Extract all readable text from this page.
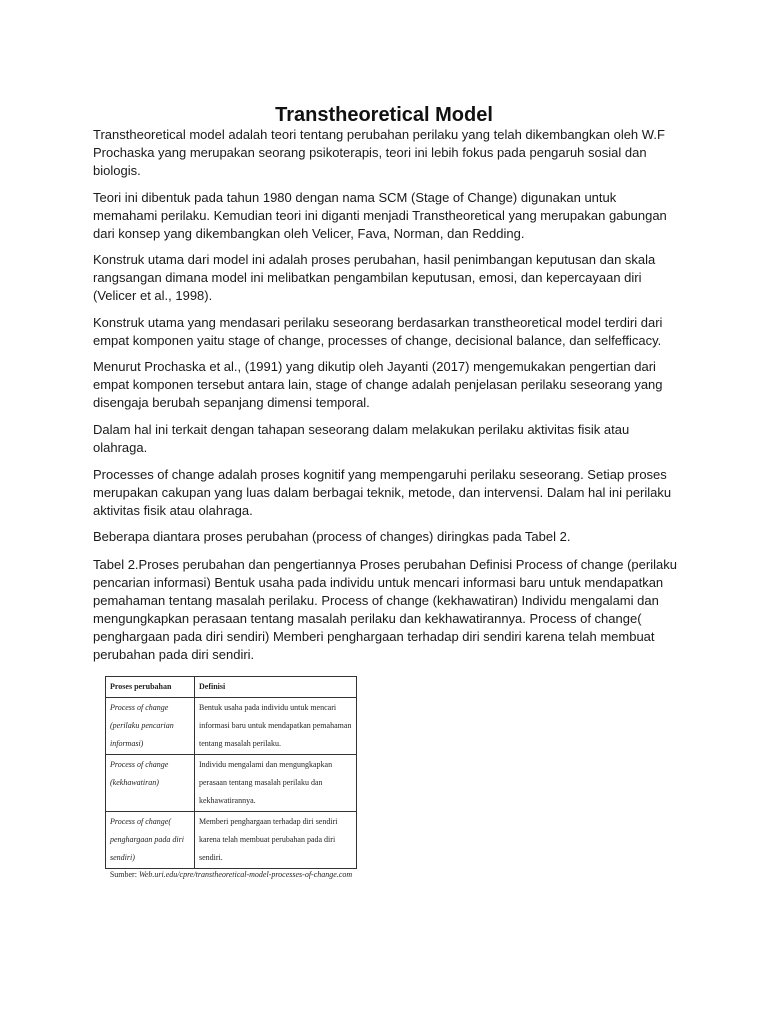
Transtheoretical Model

Transtheoretical model adalah teori tentang perubahan perilaku yang telah dikembangkan oleh W.F Prochaska yang merupakan seorang psikoterapis, teori ini lebih fokus pada pengaruh sosial dan biologis.

Teori ini dibentuk pada tahun 1980 dengan nama SCM (Stage of Change) digunakan untuk memahami perilaku. Kemudian teori ini diganti menjadi Transtheoretical yang merupakan gabungan dari konsep yang dikembangkan oleh Velicer, Fava, Norman, dan Redding.

Konstruk utama dari model ini adalah proses perubahan, hasil penimbangan keputusan dan skala rangsangan dimana model ini melibatkan pengambilan keputusan, emosi, dan kepercayaan diri (Velicer et al., 1998).

Konstruk utama yang mendasari perilaku seseorang berdasarkan transtheoretical model terdiri dari empat komponen yaitu stage of change, processes of change, decisional balance, dan selfefficacy.

Menurut Prochaska et al., (1991) yang dikutip oleh Jayanti (2017) mengemukakan pengertian dari empat komponen tersebut antara lain, stage of change adalah penjelasan perilaku seseorang yang disengaja berubah sepanjang dimensi temporal.

Dalam hal ini terkait dengan tahapan seseorang dalam melakukan perilaku aktivitas fisik atau olahraga.

Processes of change adalah proses kognitif yang mempengaruhi perilaku seseorang. Setiap proses merupakan cakupan yang luas dalam berbagai teknik, metode, dan intervensi. Dalam hal ini perilaku aktivitas fisik atau olahraga.

Beberapa diantara proses perubahan (process of changes) diringkas pada Tabel 2.

Tabel 2.Proses perubahan dan pengertiannya Proses perubahan Definisi Process of change (perilaku pencarian informasi) Bentuk usaha pada individu untuk mencari informasi baru untuk mendapatkan pemahaman tentang masalah perilaku. Process of change (kekhawatiran) Individu mengalami dan mengungkapkan perasaan tentang masalah perilaku dan kekhawatirannya. Process of change( penghargaan pada diri sendiri) Memberi penghargaan terhadap diri sendiri karena telah membuat perubahan pada diri sendiri.

Proses perubahan	Definisi
Process of change (perilaku pencarian informasi)	Bentuk usaha pada individu untuk mencari informasi baru untuk mendapatkan pemahaman tentang masalah perilaku.
Process of change (kekhawatiran)	Individu mengalami dan mengungkapkan perasaan tentang masalah perilaku dan kekhawatirannya.
Process of change( penghargaan pada diri sendiri)	Memberi penghargaan terhadap diri sendiri karena telah membuat perubahan pada diri sendiri.
Sumber: Web.uri.edu/cpre/transtheoretical-model-processes-of-change.com
